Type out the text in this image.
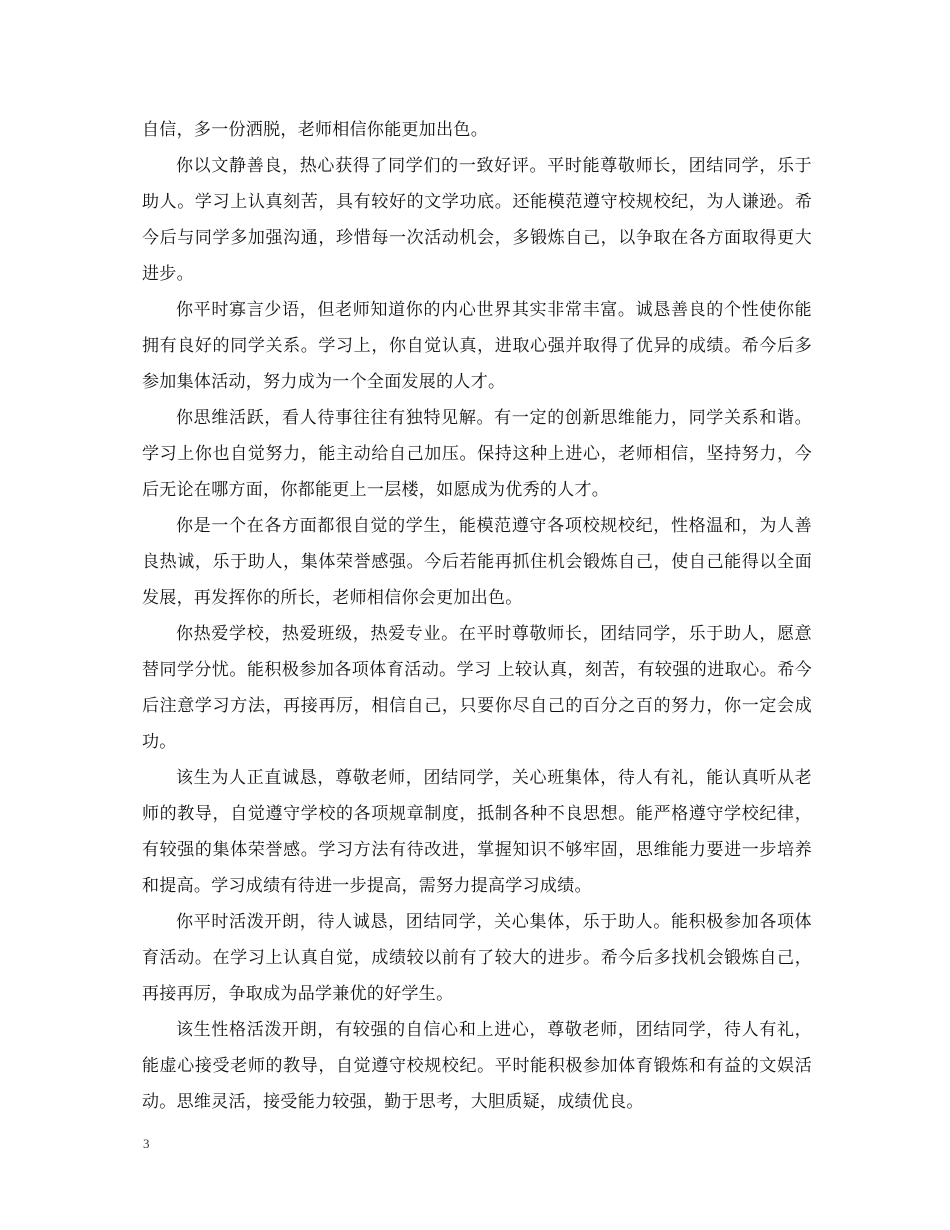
自信，多一份洒脱，老师相信你能更加出色。

你以文静善良，热心获得了同学们的一致好评。平时能尊敬师长，团结同学，乐于助人。学习上认真刻苦，具有较好的文学功底。还能模范遵守校规校纪，为人谦逊。希今后与同学多加强沟通，珍惜每一次活动机会，多锻炼自己，以争取在各方面取得更大进步。

你平时寡言少语，但老师知道你的内心世界其实非常丰富。诚恳善良的个性使你能拥有良好的同学关系。学习上，你自觉认真，进取心强并取得了优异的成绩。希今后多参加集体活动，努力成为一个全面发展的人才。

你思维活跃，看人待事往往有独特见解。有一定的创新思维能力，同学关系和谐。学习上你也自觉努力，能主动给自己加压。保持这种上进心，老师相信，坚持努力，今后无论在哪方面，你都能更上一层楼，如愿成为优秀的人才。

你是一个在各方面都很自觉的学生，能模范遵守各项校规校纪，性格温和，为人善良热诚，乐于助人，集体荣誉感强。今后若能再抓住机会锻炼自己，使自己能得以全面发展，再发挥你的所长，老师相信你会更加出色。

你热爱学校，热爱班级，热爱专业。在平时尊敬师长，团结同学，乐于助人，愿意替同学分忧。能积极参加各项体育活动。学习 上较认真，刻苦，有较强的进取心。希今后注意学习方法，再接再厉，相信自己，只要你尽自己的百分之百的努力，你一定会成功。

该生为人正直诚恳，尊敬老师，团结同学，关心班集体，待人有礼，能认真听从老师的教导，自觉遵守学校的各项规章制度，抵制各种不良思想。能严格遵守学校纪律，有较强的集体荣誉感。学习方法有待改进，掌握知识不够牢固，思维能力要进一步培养和提高。学习成绩有待进一步提高，需努力提高学习成绩。

你平时活泼开朗，待人诚恳，团结同学，关心集体，乐于助人。能积极参加各项体育活动。在学习上认真自觉，成绩较以前有了较大的进步。希今后多找机会锻炼自己，再接再厉，争取成为品学兼优的好学生。

该生性格活泼开朗，有较强的自信心和上进心，尊敬老师，团结同学，待人有礼，能虚心接受老师的教导，自觉遵守校规校纪。平时能积极参加体育锻炼和有益的文娱活动。思维灵活，接受能力较强，勤于思考，大胆质疑，成绩优良。

3
